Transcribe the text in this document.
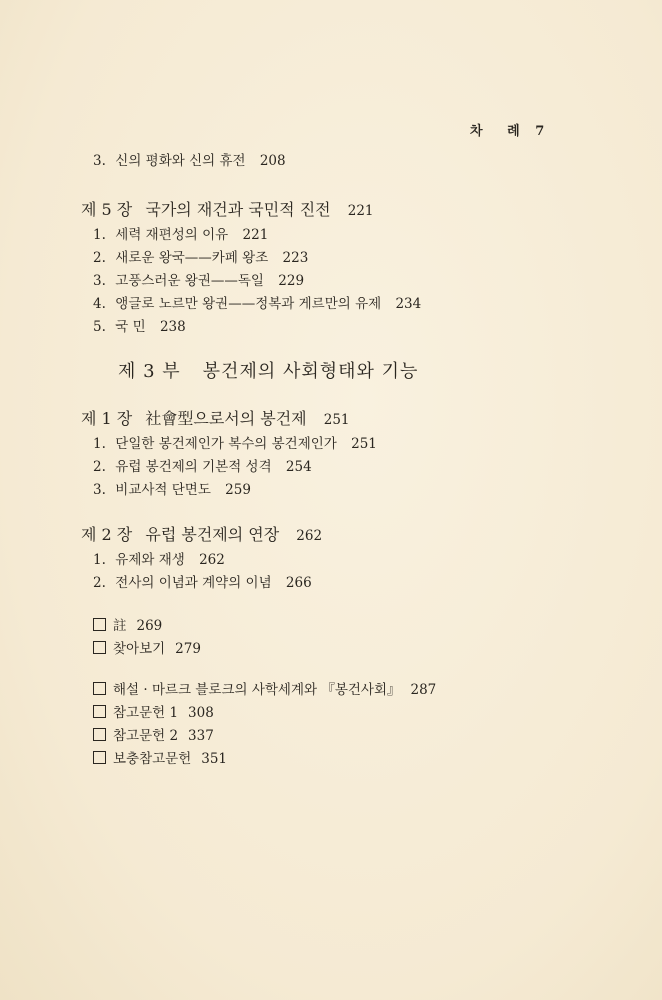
차 례 7
3. 신의 평화와 신의 휴전 208
제 5 장 국가의 재건과 국민적 진전 221
1. 세력 재편성의 이유 221
2. 새로운 왕국——카페 왕조 223
3. 고풍스러운 왕권——독일 229
4. 앵글로 노르만 왕권——정복과 게르만의 유제 234
5. 국 민 238
제 3 부 봉건제의 사회형태와 기능
제 1 장 社會型으로서의 봉건제 251
1. 단일한 봉건제인가 복수의 봉건제인가 251
2. 유럽 봉건제의 기본적 성격 254
3. 비교사적 단면도 259
제 2 장 유럽 봉건제의 연장 262
1. 유제와 재생 262
2. 전사의 이념과 계약의 이념 266
註 269
찾아보기 279
해설 · 마르크 블로크의 사학세계와 『봉건사회』 287
참고문헌 1 308
참고문헌 2 337
보충참고문헌 351
